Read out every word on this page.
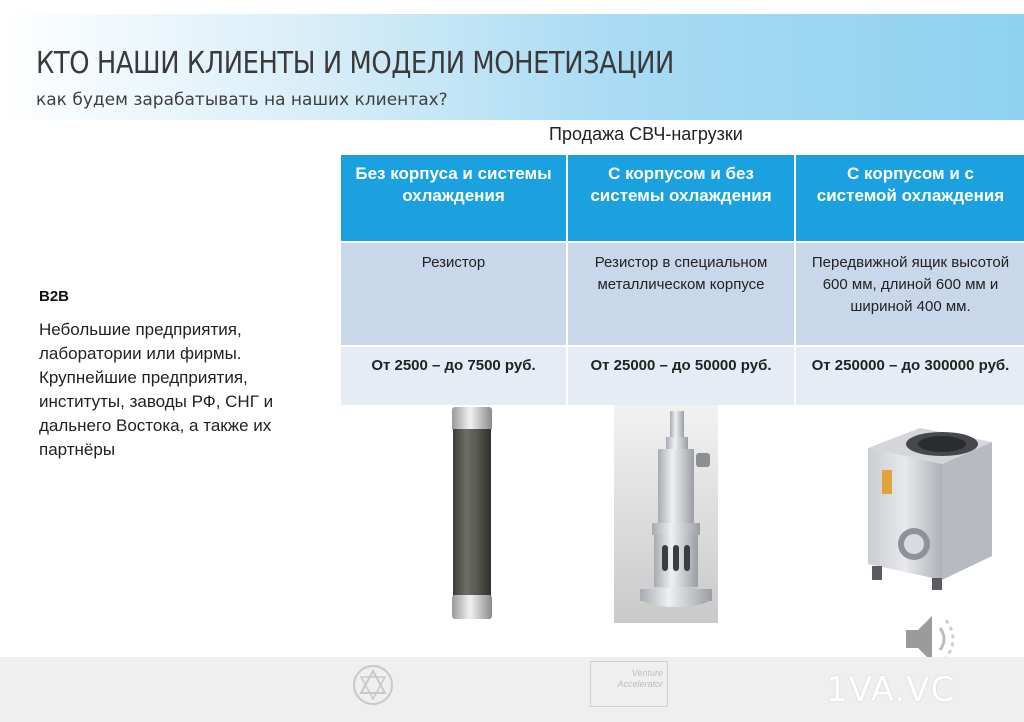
КТО НАШИ КЛИЕНТЫ И МОДЕЛИ МОНЕТИЗАЦИИ
как будем зарабатывать на наших клиентах?
Продажа СВЧ-нагрузки
Без корпуса и системы охлаждения	С корпусом и без системы охлаждения	С корпусом и с системой охлаждения
Резистор	Резистор в специальном металлическом корпусе	Передвижной ящик высотой 600 мм, длиной 600 мм и шириной 400 мм.
От 2500 – до 7500 руб.	От 25000 – до 50000 руб.	От 250000 – до 300000 руб.
B2B
Небольшие предприятия, лаборатории или фирмы. Крупнейшие предприятия, институты, заводы РФ, СНГ и дальнего Востока, а также их партнёры
Venture
Accelerator	1VA.VC
